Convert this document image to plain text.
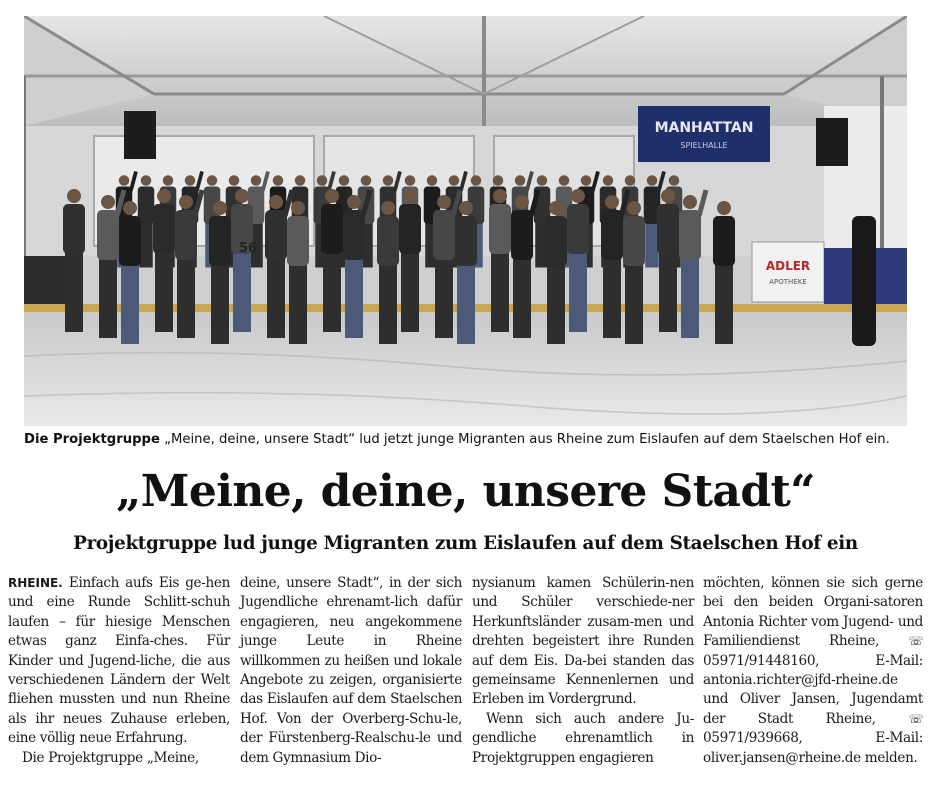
MANHATTAN
SPIELHALLE
ADLER
APOTHEKE
56
Die Projektgruppe „Meine, deine, unsere Stadt“ lud jetzt junge Migranten aus Rheine zum Eislaufen auf dem Staelschen Hof ein.
„Meine, deine, unsere Stadt“
Projektgruppe lud junge Migranten zum Eislaufen auf dem Staelschen Hof ein

RHEINE. Einfach aufs Eis ge-hen und eine Runde Schlitt-schuh laufen – für hiesige Menschen etwas ganz Einfa-ches. Für Kinder und Jugend-liche, die aus verschiedenen Ländern der Welt fliehen mussten und nun Rheine als ihr neues Zuhause erleben, eine völlig neue Erfahrung.

Die Projektgruppe „Meine,

deine, unsere Stadt“, in der sich Jugendliche ehrenamt-lich dafür engagieren, neu angekommene junge Leute in Rheine willkommen zu heißen und lokale Angebote zu zeigen, organisierte das Eislaufen auf dem Staelschen Hof. Von der Overberg-Schu-le, der Fürstenberg-Realschu-le und dem Gymnasium Dio-

nysianum kamen Schülerin-nen und Schüler verschiede-ner Herkunftsländer zusam-men und drehten begeistert ihre Runden auf dem Eis. Da-bei standen das gemeinsame Kennenlernen und Erleben im Vordergrund.

Wenn sich auch andere Ju-gendliche ehrenamtlich in Projektgruppen engagieren

möchten, können sie sich gerne bei den beiden Organi-satoren Antonia Richter vom Jugend- und Familiendienst Rheine, ☏ 05971/91448160, E-Mail: antonia.richter@jfd-rheine.de und Oliver Jansen, Jugendamt der Stadt Rheine, ☏ 05971/939668, E-Mail: oliver.jansen@rheine.de melden.
